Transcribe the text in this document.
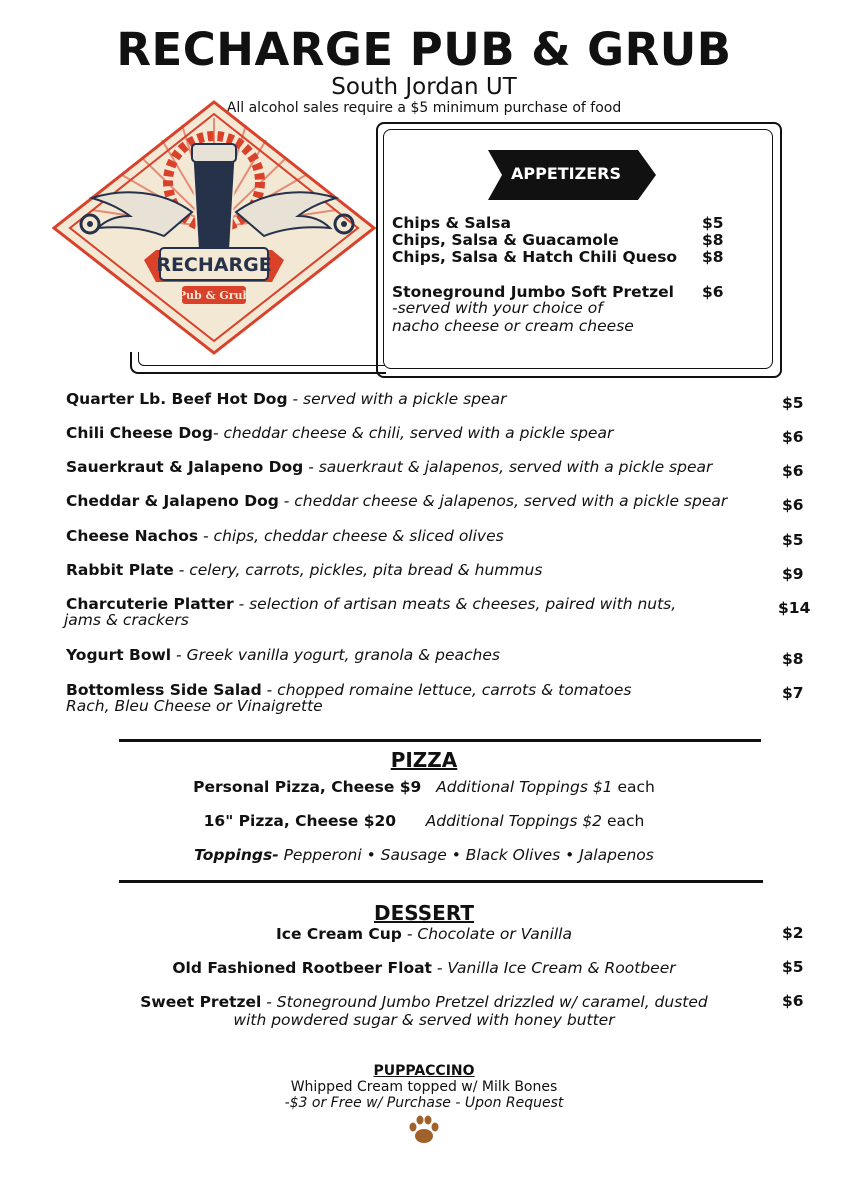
RECHARGE PUB & GRUB
South Jordan UT
All alcohol sales require a $5 minimum purchase of food
RECHARGE
Pub & Grub
APPETIZERS
Chips & Salsa	$5
Chips, Salsa & Guacamole	$8
Chips, Salsa & Hatch Chili Queso $8
Stoneground Jumbo Soft Pretzel $6
-served with your choice of
nacho cheese or cream cheese
Quarter Lb. Beef Hot Dog - served with a pickle spear	$5
Chili Cheese Dog- cheddar cheese & chili, served with a pickle spear	$6
Sauerkraut & Jalapeno Dog - sauerkraut & jalapenos, served with a pickle spear	$6
Cheddar & Jalapeno Dog - cheddar cheese & jalapenos, served with a pickle spear	$6
Cheese Nachos - chips, cheddar cheese & sliced olives	$5
Rabbit Plate - celery, carrots, pickles, pita bread & hummus	$9
Charcuterie Platter - selection of artisan meats & cheeses, paired with nuts,
jams & crackers
$14
Yogurt Bowl - Greek vanilla yogurt, granola & peaches	$8
Bottomless Side Salad - chopped romaine lettuce, carrots & tomatoes
Rach, Bleu Cheese or Vinaigrette
$7
PIZZA
Personal Pizza, Cheese $9 Additional Toppings $1 each
16" Pizza, Cheese $20 Additional Toppings $2 each
Toppings- Pepperoni • Sausage • Black Olives • Jalapenos
DESSERT
Ice Cream Cup - Chocolate or Vanilla	$2
Old Fashioned Rootbeer Float - Vanilla Ice Cream & Rootbeer	$5
Sweet Pretzel - Stoneground Jumbo Pretzel drizzled w/ caramel, dusted
with powdered sugar & served with honey butter
$6
PUPPACCINO
Whipped Cream topped w/ Milk Bones
-$3 or Free w/ Purchase - Upon Request
